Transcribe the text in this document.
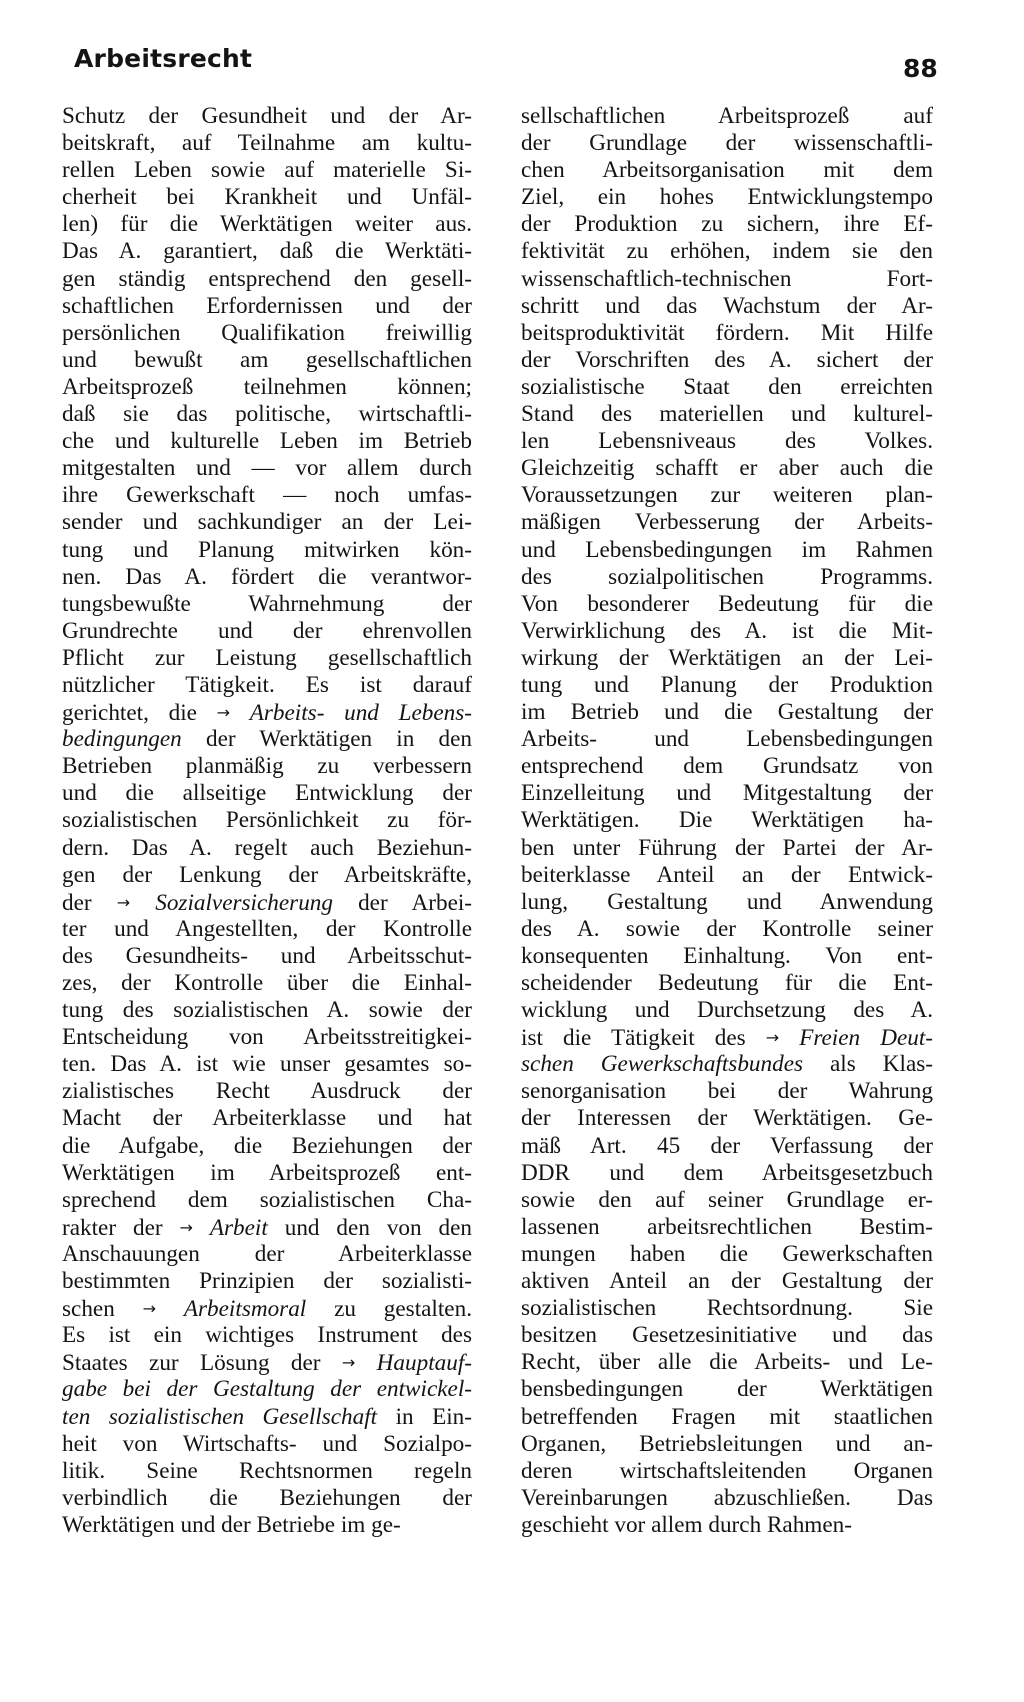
Arbeitsrecht	88
Schutz der Gesundheit und der Ar-
beitskraft, auf Teilnahme am kultu-
rellen Leben sowie auf materielle Si-
cherheit bei Krankheit und Unfäl-
len) für die Werktätigen weiter aus.
Das A. garantiert, daß die Werktäti-
gen ständig entsprechend den gesell-
schaftlichen Erfordernissen und der
persönlichen Qualifikation freiwillig
und bewußt am gesellschaftlichen
Arbeitsprozeß teilnehmen können;
daß sie das politische, wirtschaftli-
che und kulturelle Leben im Betrieb
mitgestalten und — vor allem durch
ihre Gewerkschaft — noch umfas-
sender und sachkundiger an der Lei-
tung und Planung mitwirken kön-
nen. Das A. fördert die verantwor-
tungsbewußte Wahrnehmung der
Grundrechte und der ehrenvollen
Pflicht zur Leistung gesellschaftlich
nützlicher Tätigkeit. Es ist darauf
gerichtet, die → Arbeits- und Lebens-
bedingungen der Werktätigen in den
Betrieben planmäßig zu verbessern
und die allseitige Entwicklung der
sozialistischen Persönlichkeit zu för-
dern. Das A. regelt auch Beziehun-
gen der Lenkung der Arbeitskräfte,
der → Sozialversicherung der Arbei-
ter und Angestellten, der Kontrolle
des Gesundheits- und Arbeitsschut-
zes, der Kontrolle über die Einhal-
tung des sozialistischen A. sowie der
Entscheidung von Arbeitsstreitigkei-
ten. Das A. ist wie unser gesamtes so-
zialistisches Recht Ausdruck der
Macht der Arbeiterklasse und hat
die Aufgabe, die Beziehungen der
Werktätigen im Arbeitsprozeß ent-
sprechend dem sozialistischen Cha-
rakter der → Arbeit und den von den
Anschauungen der Arbeiterklasse
bestimmten Prinzipien der sozialisti-
schen → Arbeitsmoral zu gestalten.
Es ist ein wichtiges Instrument des
Staates zur Lösung der → Hauptauf-
gabe bei der Gestaltung der entwickel-
ten sozialistischen Gesellschaft in Ein-
heit von Wirtschafts- und Sozialpo-
litik. Seine Rechtsnormen regeln
verbindlich die Beziehungen der
Werktätigen und der Betriebe im ge-
sellschaftlichen Arbeitsprozeß auf
der Grundlage der wissenschaftli-
chen Arbeitsorganisation mit dem
Ziel, ein hohes Entwicklungstempo
der Produktion zu sichern, ihre Ef-
fektivität zu erhöhen, indem sie den
wissenschaftlich-technischen Fort-
schritt und das Wachstum der Ar-
beitsproduktivität fördern. Mit Hilfe
der Vorschriften des A. sichert der
sozialistische Staat den erreichten
Stand des materiellen und kulturel-
len Lebensniveaus des Volkes.
Gleichzeitig schafft er aber auch die
Voraussetzungen zur weiteren plan-
mäßigen Verbesserung der Arbeits-
und Lebensbedingungen im Rahmen
des sozialpolitischen Programms.
Von besonderer Bedeutung für die
Verwirklichung des A. ist die Mit-
wirkung der Werktätigen an der Lei-
tung und Planung der Produktion
im Betrieb und die Gestaltung der
Arbeits- und Lebensbedingungen
entsprechend dem Grundsatz von
Einzelleitung und Mitgestaltung der
Werktätigen. Die Werktätigen ha-
ben unter Führung der Partei der Ar-
beiterklasse Anteil an der Entwick-
lung, Gestaltung und Anwendung
des A. sowie der Kontrolle seiner
konsequenten Einhaltung. Von ent-
scheidender Bedeutung für die Ent-
wicklung und Durchsetzung des A.
ist die Tätigkeit des → Freien Deut-
schen Gewerkschaftsbundes als Klas-
senorganisation bei der Wahrung
der Interessen der Werktätigen. Ge-
mäß Art. 45 der Verfassung der
DDR und dem Arbeitsgesetzbuch
sowie den auf seiner Grundlage er-
lassenen arbeitsrechtlichen Bestim-
mungen haben die Gewerkschaften
aktiven Anteil an der Gestaltung der
sozialistischen Rechtsordnung. Sie
besitzen Gesetzesinitiative und das
Recht, über alle die Arbeits- und Le-
bensbedingungen der Werktätigen
betreffenden Fragen mit staatlichen
Organen, Betriebsleitungen und an-
deren wirtschaftsleitenden Organen
Vereinbarungen abzuschließen. Das
geschieht vor allem durch Rahmen-
